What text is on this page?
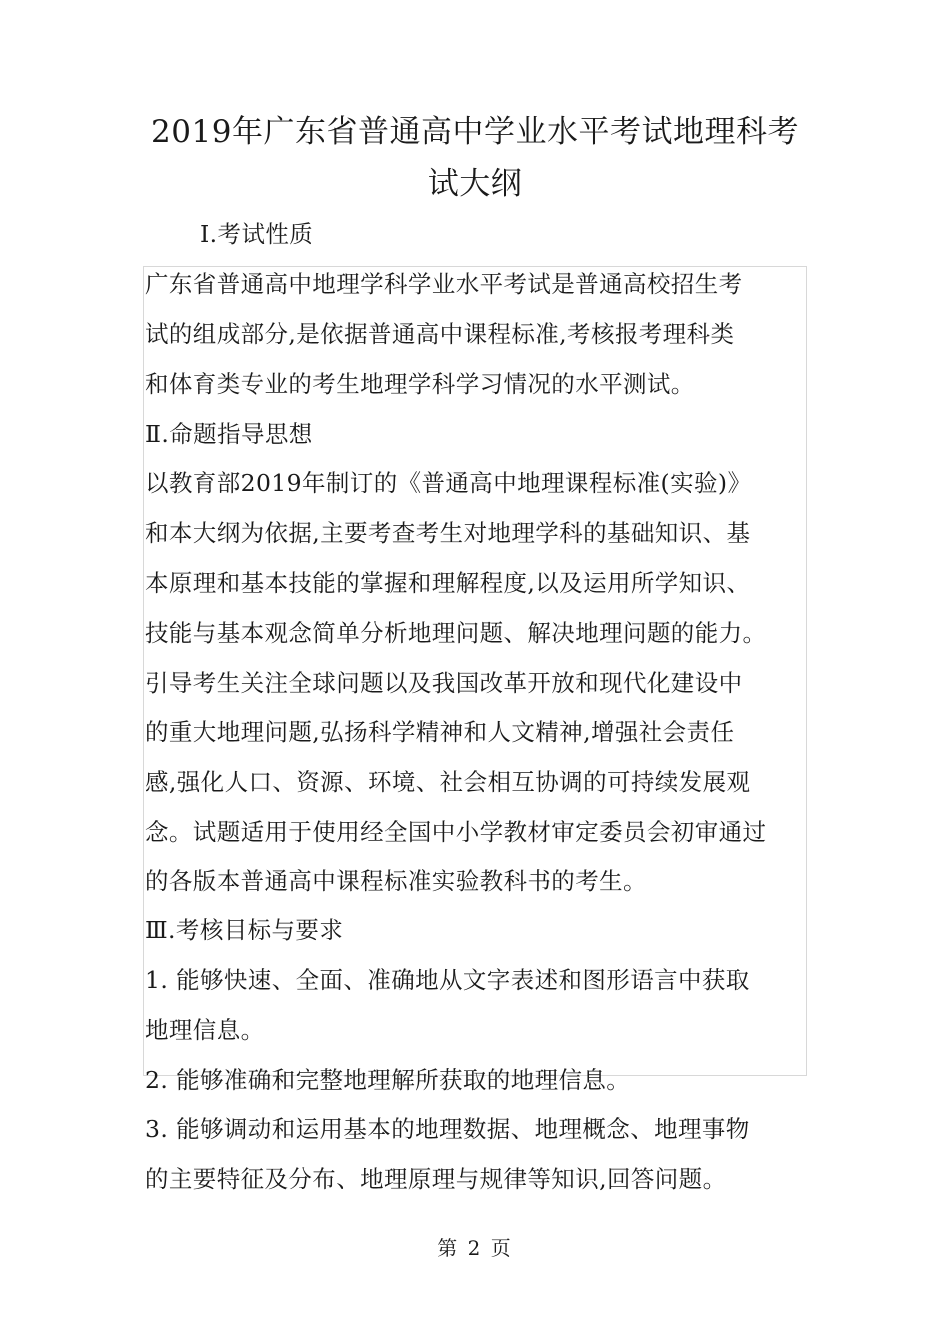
2019年广东省普通高中学业水平考试地理科考
试大纲
Ⅰ.考试性质
广东省普通高中地理学科学业水平考试是普通高校招生考
试的组成部分,是依据普通高中课程标准,考核报考理科类
和体育类专业的考生地理学科学习情况的水平测试。
Ⅱ.命题指导思想
以教育部2019年制订的《普通高中地理课程标准(实验)》
和本大纲为依据,主要考查考生对地理学科的基础知识、基
本原理和基本技能的掌握和理解程度,以及运用所学知识、
技能与基本观念简单分析地理问题、解决地理问题的能力。
引导考生关注全球问题以及我国改革开放和现代化建设中
的重大地理问题,弘扬科学精神和人文精神,增强社会责任
感,强化人口、资源、环境、社会相互协调的可持续发展观
念。试题适用于使用经全国中小学教材审定委员会初审通过
的各版本普通高中课程标准实验教科书的考生。
Ⅲ.考核目标与要求
1. 能够快速、全面、准确地从文字表述和图形语言中获取
地理信息。
2. 能够准确和完整地理解所获取的地理信息。
3. 能够调动和运用基本的地理数据、地理概念、地理事物
的主要特征及分布、地理原理与规律等知识,回答问题。
第 2 页
